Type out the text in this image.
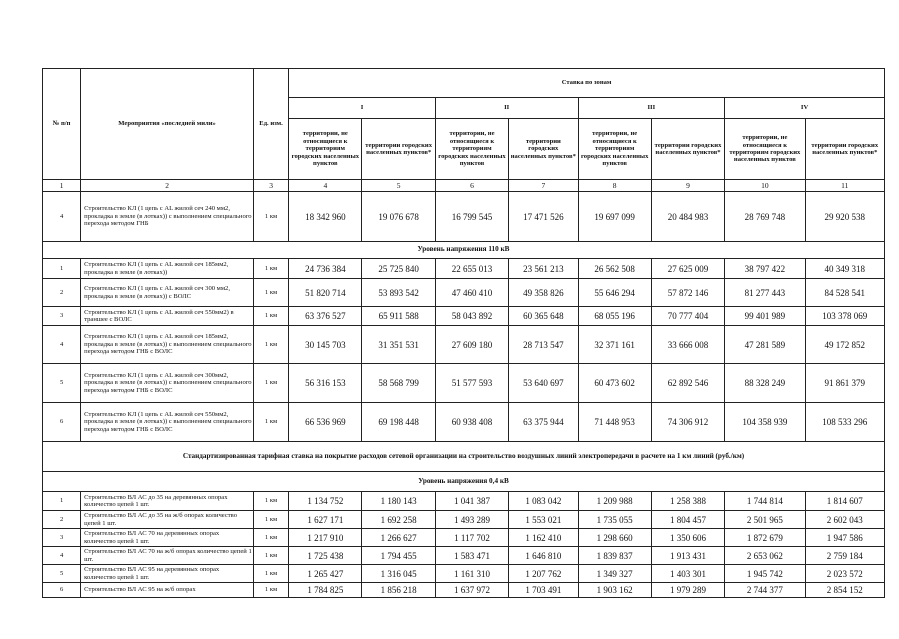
№ п/п	Мероприятия «последней мили»	Ед. изм.	Ставка по зонам							
			I		II		III		IV	
			территории, не относящиеся к территориям городских населенных пунктов	территории городских населенных пунктов*	территории, не относящиеся к территориям городских населенных пунктов	территории городских населенных пунктов*	территории, не относящиеся к территориям городских населенных пунктов	территории городских населенных пунктов*	территории, не относящиеся к территориям городских населенных пунктов	территории городских населенных пунктов*
1	2	3	4	5	6	7	8	9	10	11
4	Строительство КЛ (1 цепь с AL жилой сеч 240 мм2, прокладка в земле (в лотках)) с выполнением специального перехода методом ГНБ	1 км	18 342 960	19 076 678	16 799 545	17 471 526	19 697 099	20 484 983	28 769 748	29 920 538
Уровень напряжения 110 кВ										
1	Строительство КЛ (1 цепь с AL жилой сеч 185мм2, прокладка в земле (в лотках))	1 км	24 736 384	25 725 840	22 655 013	23 561 213	26 562 508	27 625 009	38 797 422	40 349 318
2	Строительство КЛ (1 цепь с AL жилой сеч 300 мм2, прокладка в земле (в лотках)) с ВОЛС	1 км	51 820 714	53 893 542	47 460 410	49 358 826	55 646 294	57 872 146	81 277 443	84 528 541
3	Строительство КЛ (1 цепь с AL жилой сеч 550мм2) в траншее с ВОЛС	1 км	63 376 527	65 911 588	58 043 892	60 365 648	68 055 196	70 777 404	99 401 989	103 378 069
4	Строительство КЛ (1 цепь с AL жилой сеч 185мм2, прокладка в земле (в лотках)) с выполнением специального перехода методом ГНБ с ВОЛС	1 км	30 145 703	31 351 531	27 609 180	28 713 547	32 371 161	33 666 008	47 281 589	49 172 852
5	Строительство КЛ (1 цепь с AL жилой сеч 300мм2, прокладка в земле (в лотках)) с выполнением специального перехода методом ГНБ с ВОЛС	1 км	56 316 153	58 568 799	51 577 593	53 640 697	60 473 602	62 892 546	88 328 249	91 861 379
6	Строительство КЛ (1 цепь с AL жилой сеч 550мм2, прокладка в земле (в лотках)) с выполнением специального перехода методом ГНБ с ВОЛС	1 км	66 536 969	69 198 448	60 938 408	63 375 944	71 448 953	74 306 912	104 358 939	108 533 296
Стандартизированная тарифная ставка на покрытие расходов сетевой организации на строительство воздушных линий электропередачи в расчете на 1 км линий (руб./км)										
Уровень напряжения 0,4 кВ										
1	Строительство ВЛ АС до 35 на деревянных опорах количество цепей 1 шт.	1 км	1 134 752	1 180 143	1 041 387	1 083 042	1 209 988	1 258 388	1 744 814	1 814 607
2	Строительство ВЛ АС до 35 на ж/б опорах количество цепей 1 шт.	1 км	1 627 171	1 692 258	1 493 289	1 553 021	1 735 055	1 804 457	2 501 965	2 602 043
3	Строительство ВЛ АС 70 на деревянных опорах количество цепей 1 шт.	1 км	1 217 910	1 266 627	1 117 702	1 162 410	1 298 660	1 350 606	1 872 679	1 947 586
4	Строительство ВЛ АС 70 на ж/б опорах количество цепей 1 шт.	1 км	1 725 438	1 794 455	1 583 471	1 646 810	1 839 837	1 913 431	2 653 062	2 759 184
5	Строительство ВЛ АС 95 на деревянных опорах количество цепей 1 шт.	1 км	1 265 427	1 316 045	1 161 310	1 207 762	1 349 327	1 403 301	1 945 742	2 023 572
6	Строительство ВЛ АС 95 на ж/б опорах	1 км	1 784 825	1 856 218	1 637 972	1 703 491	1 903 162	1 979 289	2 744 377	2 854 152
